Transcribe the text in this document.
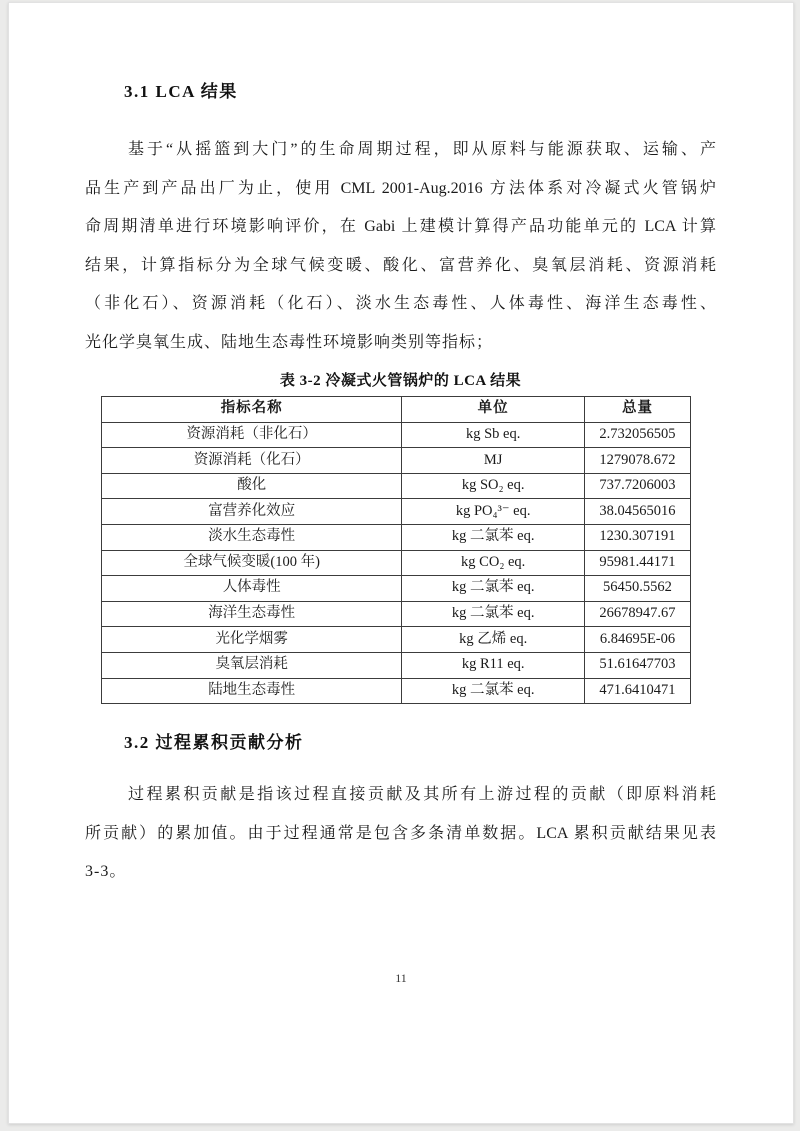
3.1 LCA 结果
基于“从摇篮到大门”的生命周期过程，即从原料与能源获取、运输、产
品生产到产品出厂为止，使用 CML 2001-Aug.2016 方法体系对冷凝式火管锅炉
命周期清单进行环境影响评价，在 Gabi 上建模计算得产品功能单元的 LCA 计算
结果，计算指标分为全球气候变暖、酸化、富营养化、臭氧层消耗、资源消耗
（非化石）、资源消耗（化石）、淡水生态毒性、人体毒性、海洋生态毒性、
光化学臭氧生成、陆地生态毒性环境影响类别等指标；
表 3-2 冷凝式火管锅炉的 LCA 结果
指标名称	单位	总量
资源消耗（非化石）	kg Sb eq.	2.732056505
资源消耗（化石）	MJ	1279078.672
酸化	kg SO₂ eq.	737.7206003
富营养化效应	kg PO₄³⁻ eq.	38.04565016
淡水生态毒性	kg 二氯苯 eq.	1230.307191
全球气候变暖(100 年)	kg CO₂ eq.	95981.44171
人体毒性	kg 二氯苯 eq.	56450.5562
海洋生态毒性	kg 二氯苯 eq.	26678947.67
光化学烟雾	kg 乙烯 eq.	6.84695E-06
臭氧层消耗	kg R11 eq.	51.61647703
陆地生态毒性	kg 二氯苯 eq.	471.6410471
3.2 过程累积贡献分析
过程累积贡献是指该过程直接贡献及其所有上游过程的贡献（即原料消耗
所贡献）的累加值。由于过程通常是包含多条清单数据。LCA 累积贡献结果见表
3-3。
11
